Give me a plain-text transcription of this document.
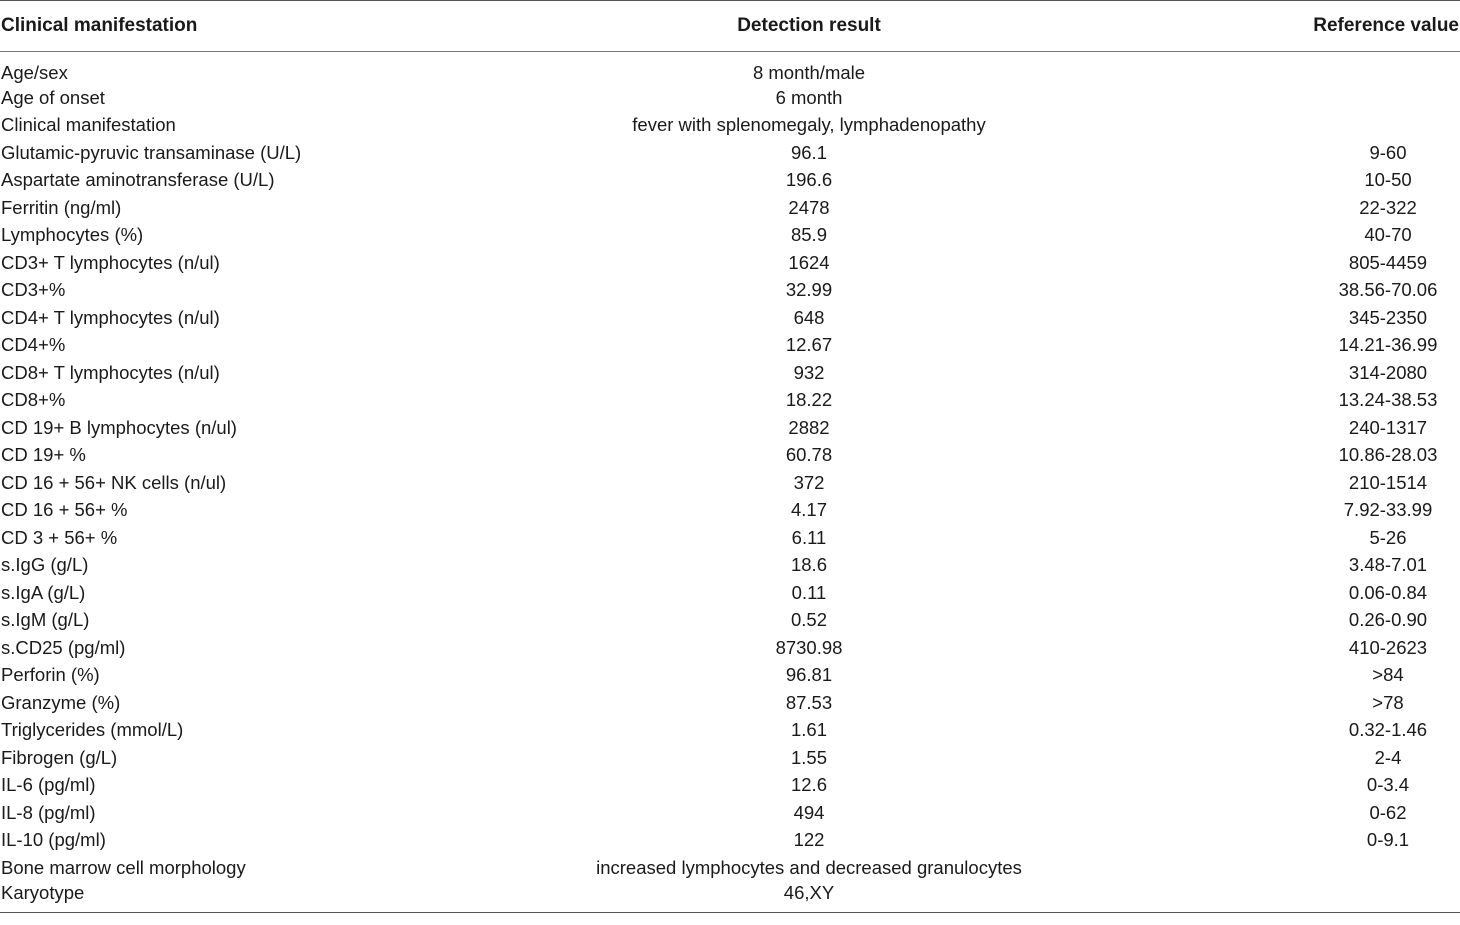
Clinical manifestation	Detection result	Reference value
Age/sex	8 month/male	
Age of onset	6 month	
Clinical manifestation	fever with splenomegaly, lymphadenopathy	
Glutamic-pyruvic transaminase (U/L)	96.1	9-60
Aspartate aminotransferase (U/L)	196.6	10-50
Ferritin (ng/ml)	2478	22-322
Lymphocytes (%)	85.9	40-70
CD3+ T lymphocytes (n/ul)	1624	805-4459
CD3+%	32.99	38.56-70.06
CD4+ T lymphocytes (n/ul)	648	345-2350
CD4+%	12.67	14.21-36.99
CD8+ T lymphocytes (n/ul)	932	314-2080
CD8+%	18.22	13.24-38.53
CD 19+ B lymphocytes (n/ul)	2882	240-1317
CD 19+ %	60.78	10.86-28.03
CD 16 + 56+ NK cells (n/ul)	372	210-1514
CD 16 + 56+ %	4.17	7.92-33.99
CD 3 + 56+ %	6.11	5-26
s.IgG (g/L)	18.6	3.48-7.01
s.IgA (g/L)	0.11	0.06-0.84
s.IgM (g/L)	0.52	0.26-0.90
s.CD25 (pg/ml)	8730.98	410-2623
Perforin (%)	96.81	>84
Granzyme (%)	87.53	>78
Triglycerides (mmol/L)	1.61	0.32-1.46
Fibrogen (g/L)	1.55	2-4
IL-6 (pg/ml)	12.6	0-3.4
IL-8 (pg/ml)	494	0-62
IL-10 (pg/ml)	122	0-9.1
Bone marrow cell morphology	increased lymphocytes and decreased granulocytes	
Karyotype	46,XY	
